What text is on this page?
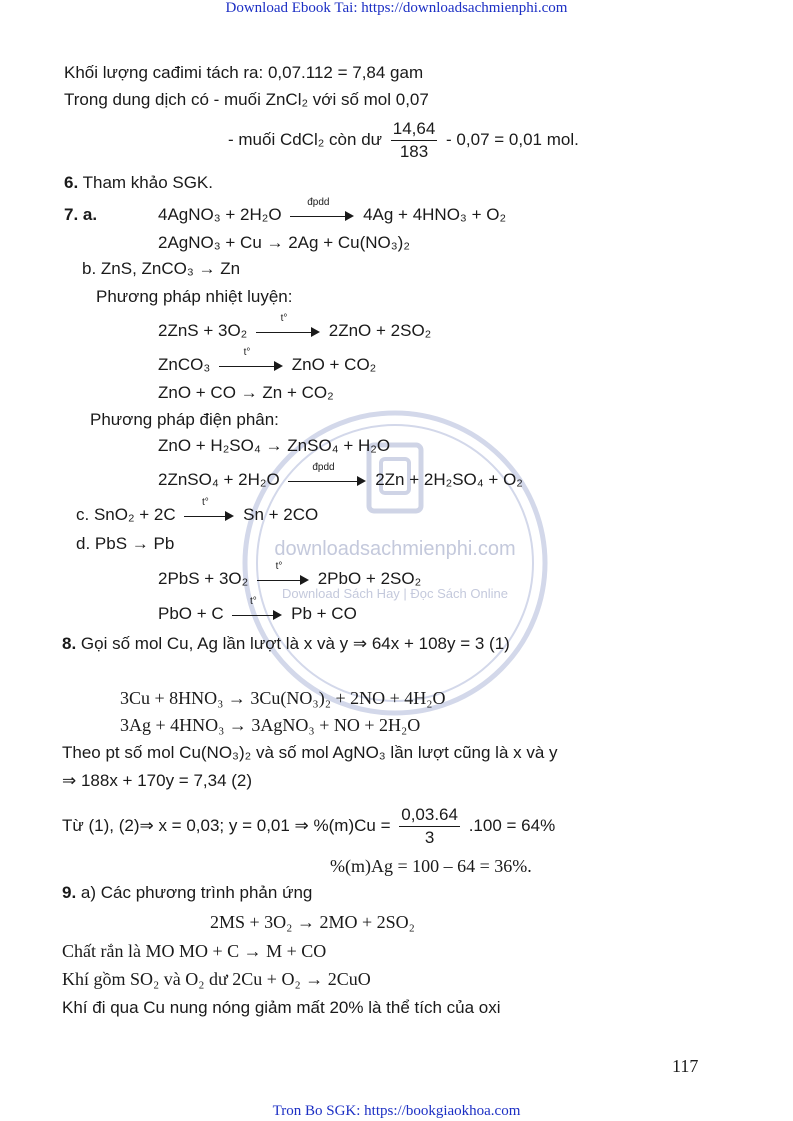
Download Ebook Tai: https://downloadsachmienphi.com
Tron Bo SGK: https://bookgiaokhoa.com
downloadsachmienphi.com
Download Sách Hay | Đọc Sách Online
Khối lượng cađimi tách ra: 0,07.112 = 7,84 gam
Trong dung dịch có - muối ZnCl₂ với số mol 0,07
- muối CdCl₂ còn dư $\frac{14,64}{183} - 0,07 = 0,01$ mol.
6. Tham khảo SGK.
7. a.	4AgNO₃ + 2H₂O
đpdd
4Ag + 4HNO₃ + O₂
2AgNO₃ + Cu → 2Ag + Cu(NO₃)₂
b. ZnS, ZnCO₃ → Zn
Phương pháp nhiệt luyện:
2ZnS + 3O₂
t°
2ZnO + 2SO₂
ZnCO₃
t°
ZnO + CO₂
ZnO + CO → Zn + CO₂
Phương pháp điện phân:
ZnO + H₂SO₄ → ZnSO₄ + H₂O
2ZnSO₄ + 2H₂O
đpdd
2Zn + 2H₂SO₄ + O₂
c. SnO₂ + 2C
t°
Sn + 2CO
d. PbS → Pb
2PbS + 3O₂
t°
2PbO + 2SO₂
PbO + C
t°
Pb + CO
8. Gọi số mol Cu, Ag lần lượt là x và y ⇒ 64x + 108y = 3 (1)
3Cu + 8HNO₃ → 3Cu(NO₃)₂ + 2NO + 4H₂O
3Ag + 4HNO₃ → 3AgNO₃ + NO + 2H₂O
Theo pt số mol Cu(NO₃)₂ và số mol AgNO₃ lần lượt cũng là x và y
⇒ 188x + 170y = 7,34 (2)
Từ (1), (2)⇒ x = 0,03; y = 0,01 ⇒ $\%(m)Cu = \frac{0,03.64}{3} .100 = 64\%$
%(m)Ag = 100 – 64 = 36%.
9. a) Các phương trình phản ứng
2MS + 3O₂ → 2MO + 2SO₂
Chất rắn là MO MO + C → M + CO
Khí gồm SO₂ và O₂ dư 2Cu + O₂ → 2CuO
Khí đi qua Cu nung nóng giảm mất 20% là thể tích của oxi
117
